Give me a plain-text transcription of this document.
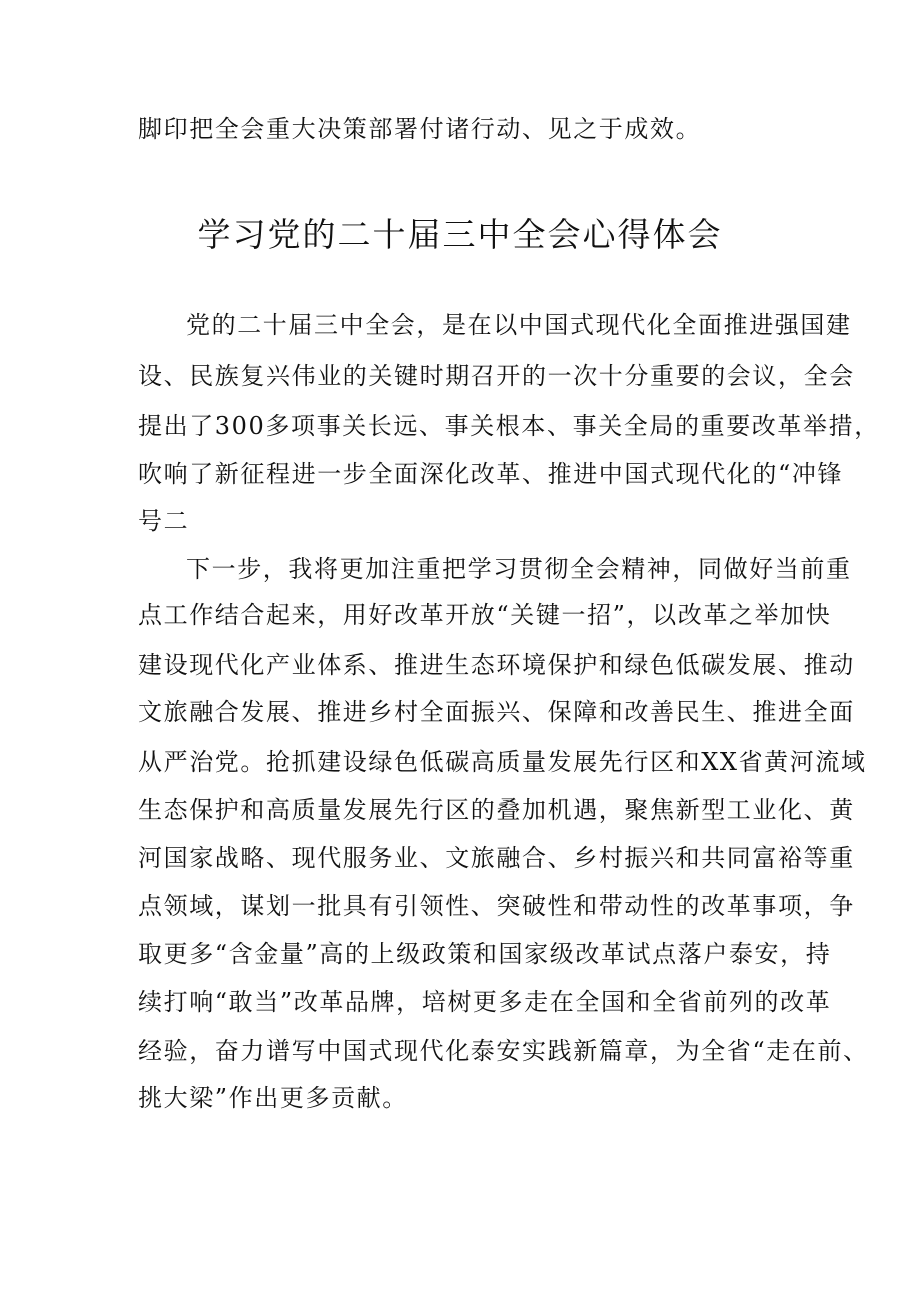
脚印把全会重大决策部署付诸行动、见之于成效。
学习党的二十届三中全会心得体会
党的二十届三中全会，是在以中国式现代化全面推进强国建
设、民族复兴伟业的关键时期召开的一次十分重要的会议，全会
提出了300多项事关长远、事关根本、事关全局的重要改革举措，
吹响了新征程进一步全面深化改革、推进中国式现代化的“冲锋
号二
下一步，我将更加注重把学习贯彻全会精神，同做好当前重
点工作结合起来，用好改革开放“关键一招”，以改革之举加快
建设现代化产业体系、推进生态环境保护和绿色低碳发展、推动
文旅融合发展、推进乡村全面振兴、保障和改善民生、推进全面
从严治党。抢抓建设绿色低碳高质量发展先行区和XX省黄河流域
生态保护和高质量发展先行区的叠加机遇，聚焦新型工业化、黄
河国家战略、现代服务业、文旅融合、乡村振兴和共同富裕等重
点领域，谋划一批具有引领性、突破性和带动性的改革事项，争
取更多“含金量”高的上级政策和国家级改革试点落户泰安，持
续打响“敢当”改革品牌，培树更多走在全国和全省前列的改革
经验，奋力谱写中国式现代化泰安实践新篇章，为全省“走在前、
挑大梁”作出更多贡献。
